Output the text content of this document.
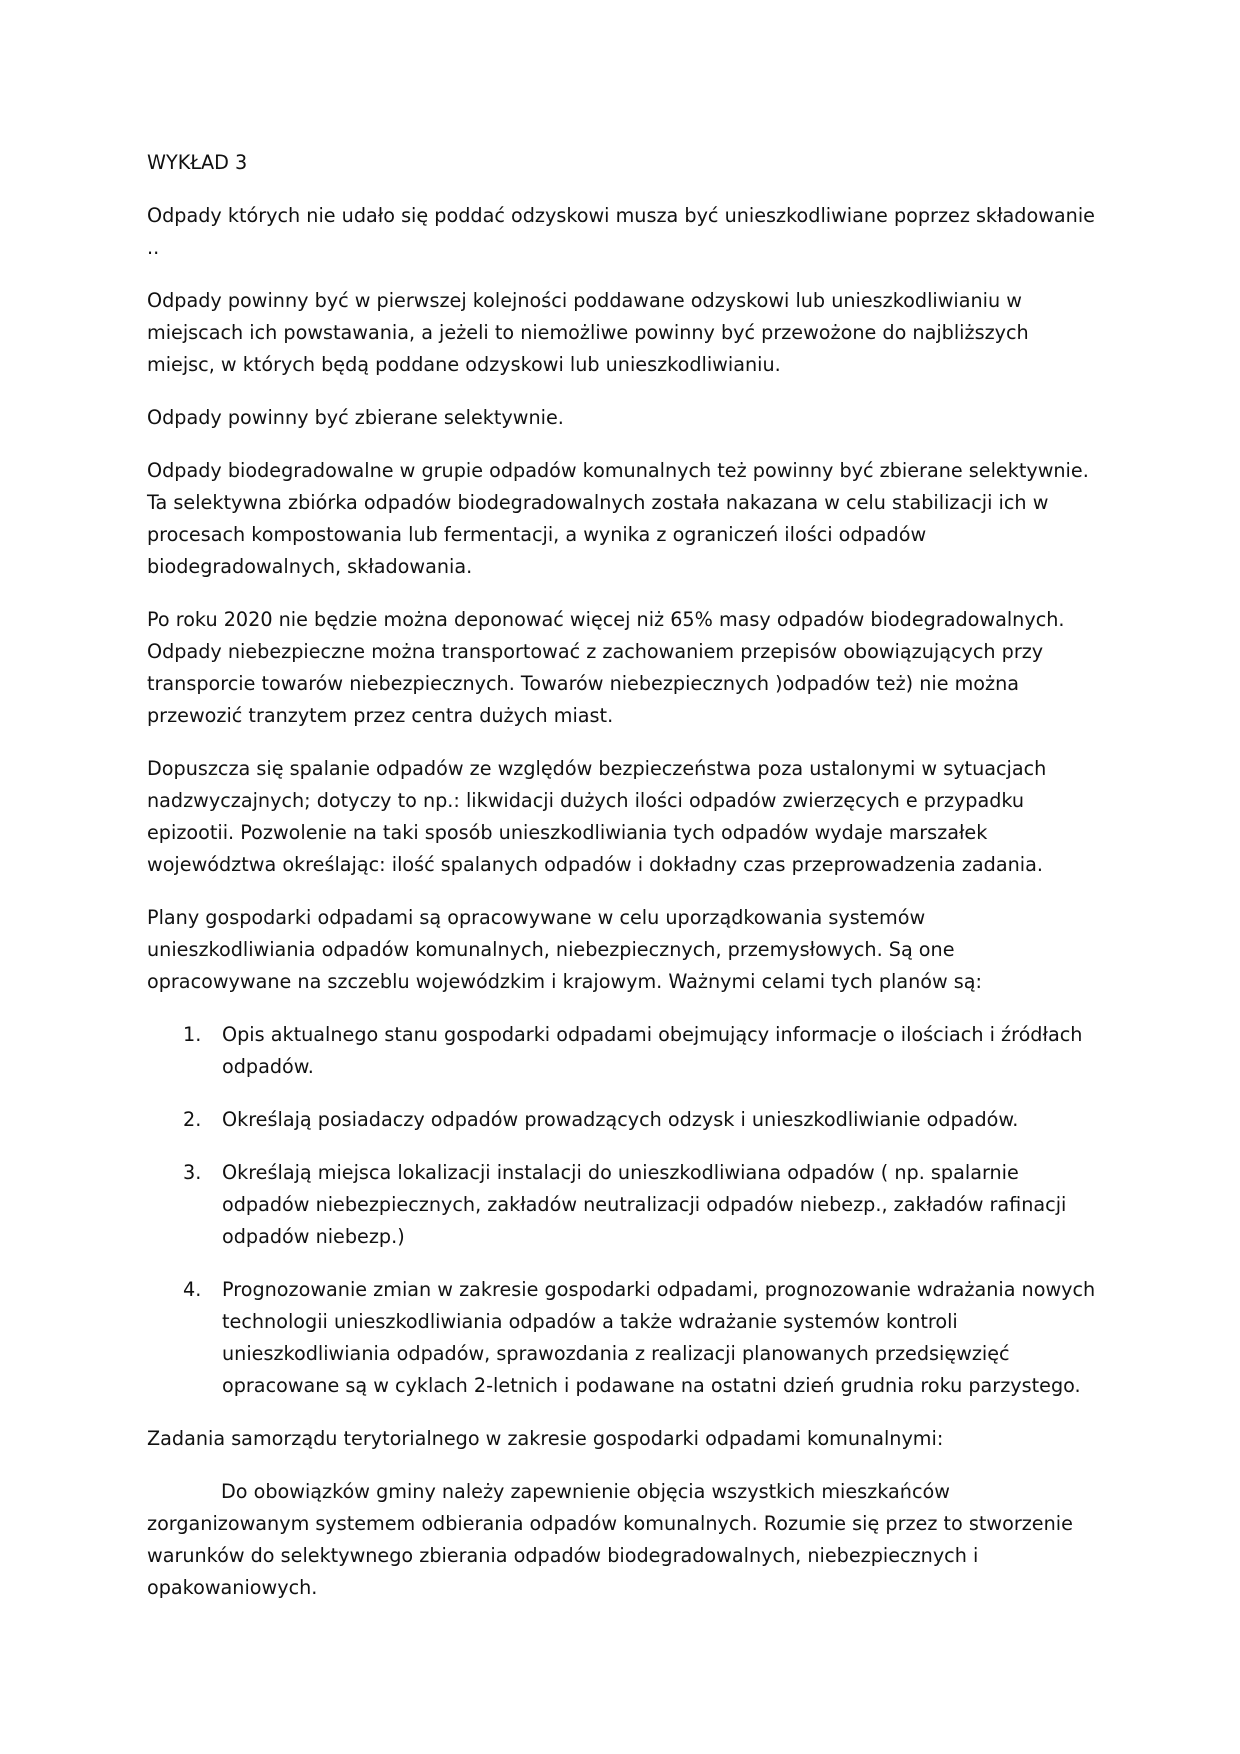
WYKŁAD 3

Odpady których nie udało się poddać odzyskowi musza być unieszkodliwiane poprzez składowanie ..

Odpady powinny być w pierwszej kolejności poddawane odzyskowi lub unieszkodliwianiu w miejscach ich powstawania, a jeżeli to niemożliwe powinny być przewożone do najbliższych miejsc, w których będą poddane odzyskowi lub unieszkodliwianiu.

Odpady powinny być zbierane selektywnie.

Odpady biodegradowalne w grupie odpadów komunalnych też powinny być zbierane selektywnie. Ta selektywna zbiórka odpadów biodegradowalnych została nakazana w celu stabilizacji ich w procesach kompostowania lub fermentacji, a wynika z ograniczeń ilości odpadów biodegradowalnych, składowania.

Po roku 2020 nie będzie można deponować więcej niż 65% masy odpadów biodegradowalnych. Odpady niebezpieczne można transportować z zachowaniem przepisów obowiązujących przy transporcie towarów niebezpiecznych. Towarów niebezpiecznych )odpadów też) nie można przewozić tranzytem przez centra dużych miast.

Dopuszcza się spalanie odpadów ze względów bezpieczeństwa poza ustalonymi w sytuacjach nadzwyczajnych; dotyczy to np.: likwidacji dużych ilości odpadów zwierzęcych e przypadku epizootii. Pozwolenie na taki sposób unieszkodliwiania tych odpadów wydaje marszałek województwa określając: ilość spalanych odpadów i dokładny czas przeprowadzenia zadania.

Plany gospodarki odpadami są opracowywane w celu uporządkowania systemów unieszkodliwiania odpadów komunalnych, niebezpiecznych, przemysłowych. Są one opracowywane na szczeblu wojewódzkim i krajowym. Ważnymi celami tych planów są:

1. Opis aktualnego stanu gospodarki odpadami obejmujący informacje o ilościach i źródłach odpadów.
2. Określają posiadaczy odpadów prowadzących odzysk i unieszkodliwianie odpadów.
3. Określają miejsca lokalizacji instalacji do unieszkodliwiana odpadów ( np. spalarnie odpadów niebezpiecznych, zakładów neutralizacji odpadów niebezp., zakładów rafinacji odpadów niebezp.)
4. Prognozowanie zmian w zakresie gospodarki odpadami, prognozowanie wdrażania nowych technologii unieszkodliwiania odpadów a także wdrażanie systemów kontroli unieszkodliwiania odpadów, sprawozdania z realizacji planowanych przedsięwzięć opracowane są w cyklach 2-letnich i podawane na ostatni dzień grudnia roku parzystego.

Zadania samorządu terytorialnego w zakresie gospodarki odpadami komunalnymi:

Do obowiązków gminy należy zapewnienie objęcia wszystkich mieszkańców zorganizowanym systemem odbierania odpadów komunalnych. Rozumie się przez to stworzenie warunków do selektywnego zbierania odpadów biodegradowalnych, niebezpiecznych i opakowaniowych.
